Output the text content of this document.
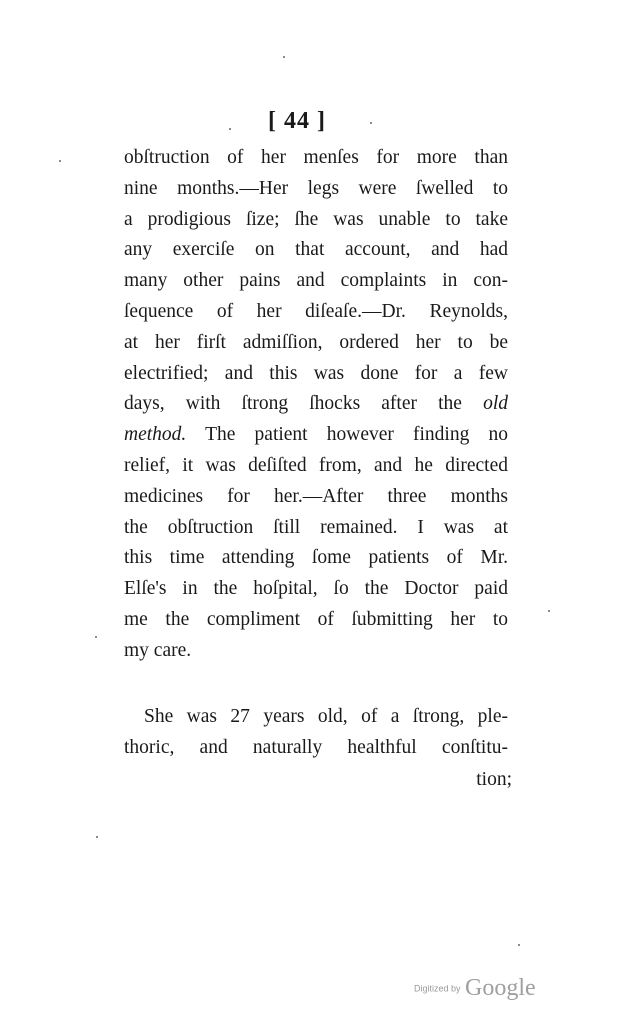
[ 44 ]
obſtruction of her menſes for more than
nine months.—Her legs were ſwelled to
a prodigious ſize; ſhe was unable to take
any exerciſe on that account, and had
many other pains and complaints in con-
ſequence of her diſeaſe.—Dr. Reynolds,
at her firſt admiſſion, ordered her to be
electrified; and this was done for a few
days, with ſtrong ſhocks after the old
method. The patient however finding no
relief, it was deſiſted from, and he directed
medicines for her.—After three months
the obſtruction ſtill remained. I was at
this time attending ſome patients of Mr.
Elſe's in the hoſpital, ſo the Doctor paid
me the compliment of ſubmitting her to
my care.
She was 27 years old, of a ſtrong, ple-
thoric, and naturally healthful conſtitu-
tion;
Digitized by Google
